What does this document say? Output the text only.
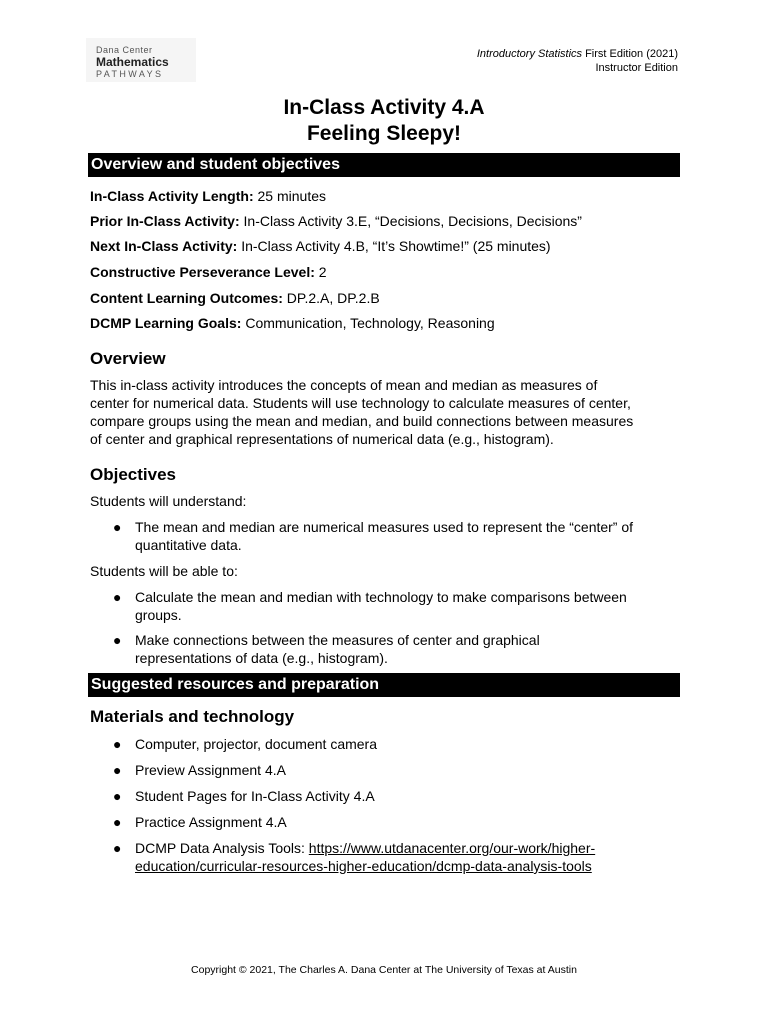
Dana Center
Mathematics
PATHWAYS
Introductory Statistics First Edition (2021)
Instructor Edition
In-Class Activity 4.A
Feeling Sleepy!
Overview and student objectives
In-Class Activity Length: 25 minutes
Prior In-Class Activity: In-Class Activity 3.E, “Decisions, Decisions, Decisions”
Next In-Class Activity: In-Class Activity 4.B, “It’s Showtime!” (25 minutes)
Constructive Perseverance Level: 2
Content Learning Outcomes: DP.2.A, DP.2.B
DCMP Learning Goals: Communication, Technology, Reasoning
Overview
This in-class activity introduces the concepts of mean and median as measures of
center for numerical data. Students will use technology to calculate measures of center,
compare groups using the mean and median, and build connections between measures
of center and graphical representations of numerical data (e.g., histogram).
Objectives
Students will understand:
● The mean and median are numerical measures used to represent the “center” of
quantitative data.
Students will be able to:
● Calculate the mean and median with technology to make comparisons between
groups.
● Make connections between the measures of center and graphical
representations of data (e.g., histogram).
Suggested resources and preparation
Materials and technology
● Computer, projector, document camera
● Preview Assignment 4.A
● Student Pages for In-Class Activity 4.A
● Practice Assignment 4.A
● DCMP Data Analysis Tools: https://www.utdanacenter.org/our-work/higher-
education/curricular-resources-higher-education/dcmp-data-analysis-tools
Copyright © 2021, The Charles A. Dana Center at The University of Texas at Austin
